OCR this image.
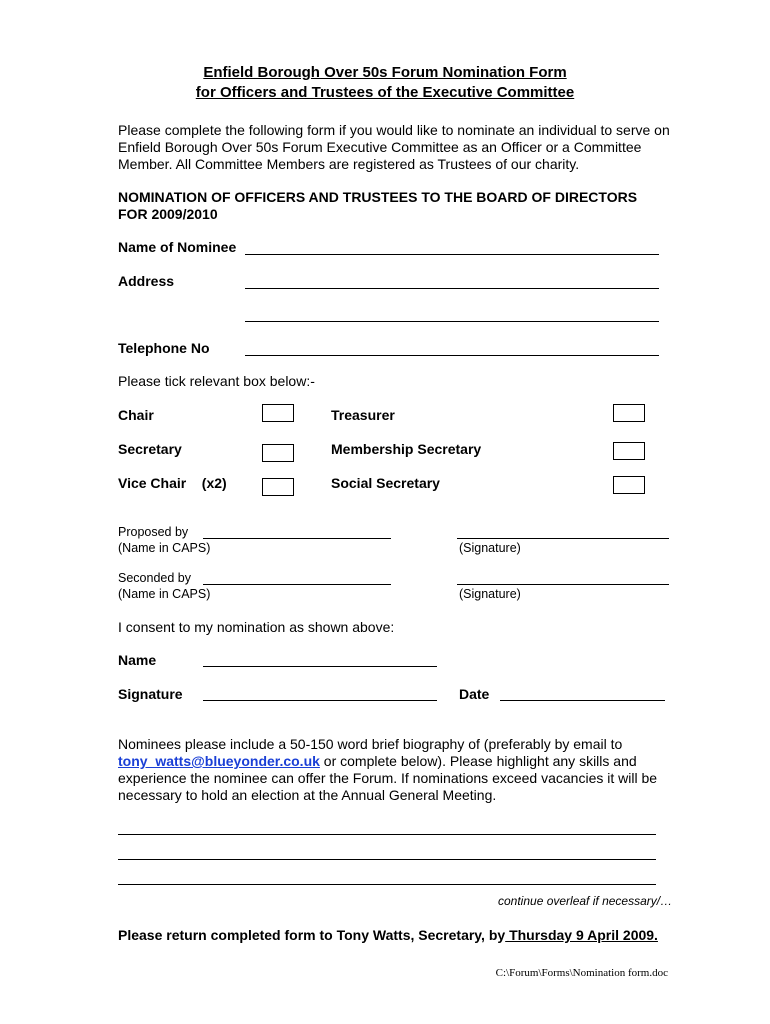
Enfield Borough Over 50s Forum Nomination Form
for Officers and Trustees of the Executive Committee
Please complete the following form if you would like to nominate an individual to serve on Enfield Borough Over 50s Forum Executive Committee as an Officer or a Committee Member. All Committee Members are registered as Trustees of our charity.
NOMINATION OF OFFICERS AND TRUSTEES TO THE BOARD OF DIRECTORS FOR 2009/2010
Name of Nominee
Address
Telephone No
Please tick relevant box below:-
Chair	Treasurer
Secretary	Membership Secretary
Vice Chair    (x2)	Social Secretary
Proposed by
(Name in CAPS)	(Signature)
Seconded by
(Name in CAPS)	(Signature)
I consent to my nomination as shown above:
Name
Signature	Date
Nominees please include a 50-150 word brief biography of (preferably by email to tony_watts@blueyonder.co.uk or complete below). Please highlight any skills and experience the nominee can offer the Forum. If nominations exceed vacancies it will be necessary to hold an election at the Annual General Meeting.
continue overleaf if necessary/…
Please return completed form to Tony Watts, Secretary, by Thursday 9 April 2009.
C:\Forum\Forms\Nomination form.doc
